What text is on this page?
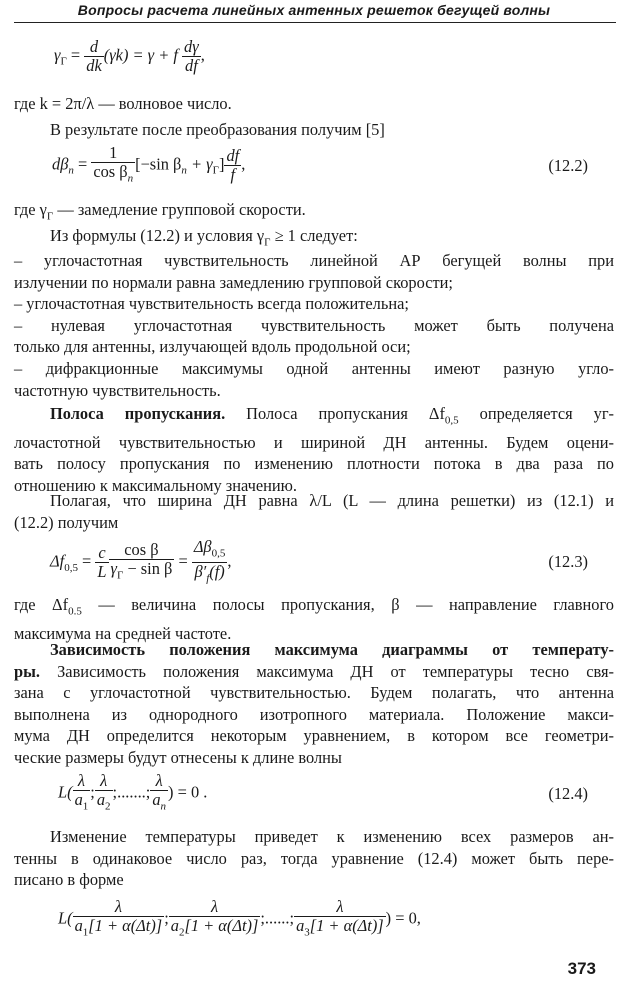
Вопросы расчета линейных антенных решеток бегущей волны
$\gamma_Г = \frac{d}{dk} (\gamma k) = \gamma + f \frac{d\gamma}{df}$ ,
где k = 2π/λ — волновое число.
В результате после преобразования получим [5]
$d\beta_n = \frac{1}{\cos \beta_n} [-\sin$ $\beta_n + \gamma_Г] \frac{df}{f}$ ,	(12.2)
где $\gamma_Г$ — замедление групповой скорости.
Из формулы (12.2) и условия $\gamma_Г \ge 1$ следует:
– углочастотная чувствительность линейной АР бегущей волны при
излучении по нормали равна замедлению групповой скорости;
– углочастотная чувствительность всегда положительна;
– нулевая углочастотная чувствительность может быть получена
только для антенны, излучающей вдоль продольной оси;
– дифракционные максимумы одной антенны имеют разную угло-
частотную чувствительность.
Полоса пропускания. Полоса пропускания $\Delta f_{0,5}$ определяется уг-
лочастотной чувствительностью и шириной ДН антенны. Будем оцени-
вать полосу пропускания по изменению плотности потока в два раза по
отношению к максимальному значению.
Полагая, что ширина ДН равна λ/L (L — длина решетки) из (12.1) и
(12.2) получим
$\Delta f_{0,5} = \frac{c}{L} \frac{\text{cos β}}{\gamma_Г - \sin \beta} = \frac{\Delta\beta_{0,5}}{\beta'_f(f)}$ ,	(12.3)
где $\Delta f_{0.5}$ — величина полосы пропускания, β — направление главного
максимума на средней частоте.
Зависимость положения максимума диаграммы от температу-
ры. Зависимость положения максимума ДН от температуры тесно свя-
зана с углочастотной чувствительностью. Будем полагать, что антенна
выполнена из однородного изотропного материала. Положение макси-
мума ДН определится некоторым уравнением, в котором все геометри-
ческие размеры будут отнесены к длине волны
$L( \frac{\lambda}{a_1}$ ; $\frac{\lambda}{a_2}$ ;.......; $\frac{\lambda}{a_n}$ ) = 0 .	(12.4)
Изменение температуры приведет к изменению всех размеров ан-
тенны в одинаковое число раз, тогда уравнение (12.4) может быть пере-
писано в форме
$L( \frac{\lambda}{a_1[1 + \alpha(\Delta t)]}$ ; $\frac{\lambda}{a_2[1 + \alpha(\Delta t)]}$ ;......; $\frac{\lambda}{a_3[1 + \alpha(\Delta t)]}$ ) = 0,
373
